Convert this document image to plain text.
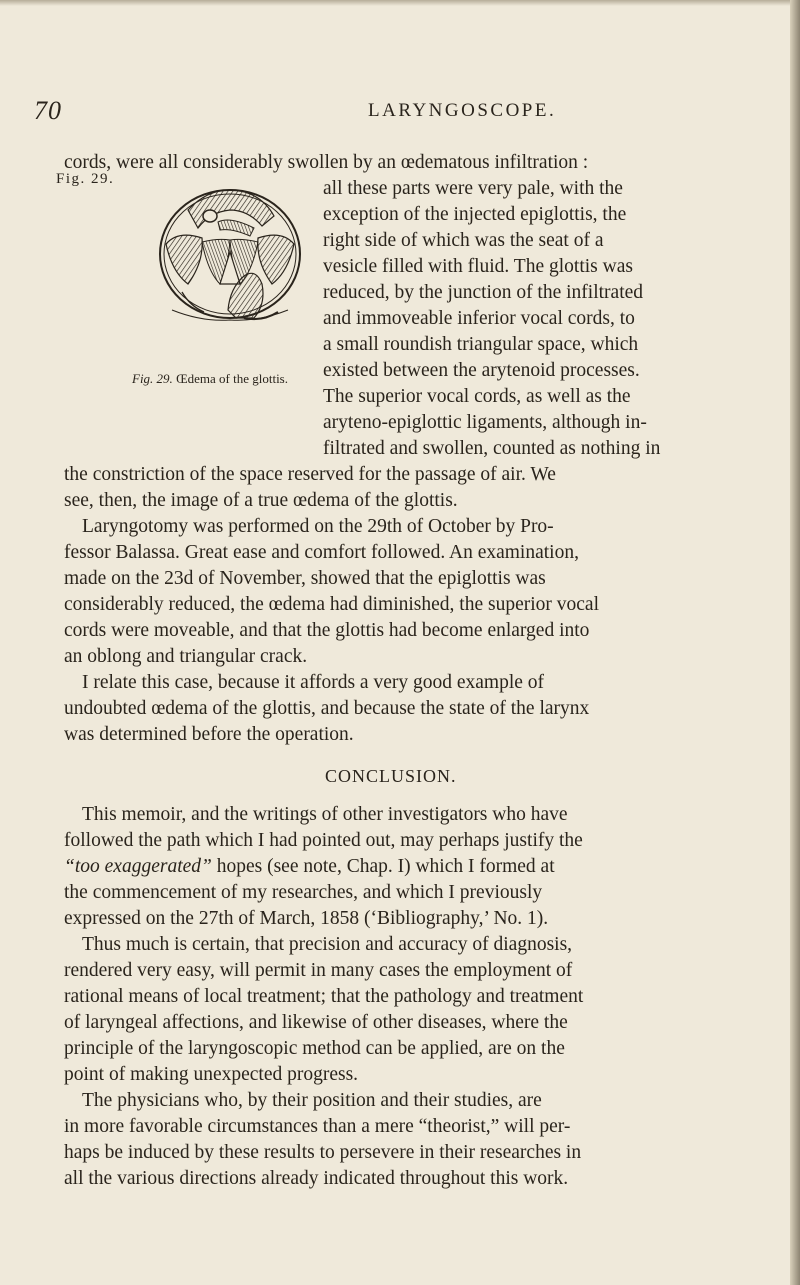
70	LARYNGOSCOPE.
cords, were all considerably swollen by an œdematous infiltration :
all these parts were very pale, with the
exception of the injected epiglottis, the
right side of which was the seat of a
vesicle filled with fluid. The glottis was
reduced, by the junction of the infiltrated
and immoveable inferior vocal cords, to
a small roundish triangular space, which
existed between the arytenoid processes.
The superior vocal cords, as well as the
aryteno-epiglottic ligaments, although in-
filtrated and swollen, counted as nothing in
the constriction of the space reserved for the passage of air. We
see, then, the image of a true œdema of the glottis.
Fig. 29.
Fig. 29. Œdema of the glottis.
Laryngotomy was performed on the 29th of October by Pro-
fessor Balassa. Great ease and comfort followed. An examination,
made on the 23d of November, showed that the epiglottis was
considerably reduced, the œdema had diminished, the superior vocal
cords were moveable, and that the glottis had become enlarged into
an oblong and triangular crack.
I relate this case, because it affords a very good example of
undoubted œdema of the glottis, and because the state of the larynx
was determined before the operation.
CONCLUSION.
This memoir, and the writings of other investigators who have
followed the path which I had pointed out, may perhaps justify the
“too exaggerated” hopes (see note, Chap. I) which I formed at
the commencement of my researches, and which I previously
expressed on the 27th of March, 1858 (‘Bibliography,’ No. 1).
Thus much is certain, that precision and accuracy of diagnosis,
rendered very easy, will permit in many cases the employment of
rational means of local treatment; that the pathology and treatment
of laryngeal affections, and likewise of other diseases, where the
principle of the laryngoscopic method can be applied, are on the
point of making unexpected progress.
The physicians who, by their position and their studies, are
in more favorable circumstances than a mere “theorist,” will per-
haps be induced by these results to persevere in their researches in
all the various directions already indicated throughout this work.
